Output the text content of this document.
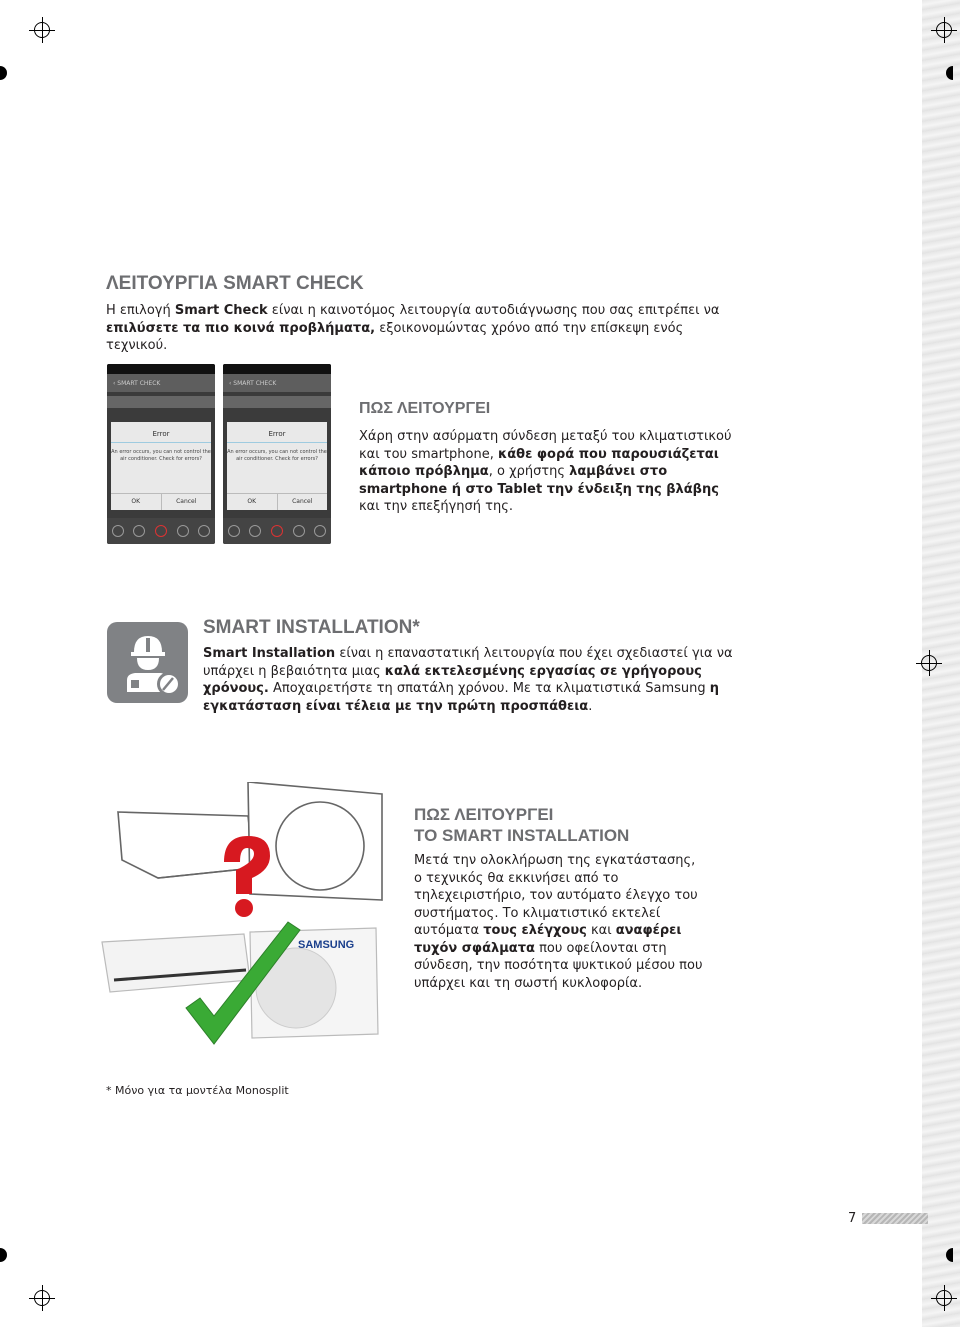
ΛΕΙΤΟΥΡΓΙΑ SMART CHECK

Η επιλογή Smart Check είναι η καινοτόμος λειτουργία αυτοδιάγνωσης που σας επιτρέπει να επιλύσετε τα πιο κοινά προβλήματα, εξοικονομώντας χρόνο από την επίσκεψη ενός τεχνικού.

‹ SMART CHECK
Error
An error occurs, you can not control the air conditioner. Check for errors?
OK	Cancel
‹ SMART CHECK
Error
An error occurs, you can not control the air conditioner. Check for errors?
OK	Cancel
ΠΩΣ ΛΕΙΤΟΥΡΓΕΙ

Χάρη στην ασύρματη σύνδεση μεταξύ του κλιματιστικού και του smartphone, κάθε φορά που παρουσιάζεται κάποιο πρόβλημα, ο χρήστης λαμβάνει στο smartphone ή στο Tablet την ένδειξη της βλάβης και την επεξήγησή της.

SMART INSTALLATION*

Smart Installation είναι η επαναστατική λειτουργία που έχει σχεδιαστεί για να υπάρχει η βεβαιότητα μιας καλά εκτελεσμένης εργασίας σε γρήγορους χρόνους. Αποχαιρετήστε τη σπατάλη χρόνου. Με τα κλιματιστικά Samsung η εγκατάσταση είναι τέλεια με την πρώτη προσπάθεια.

SAMSUNG
ΠΩΣ ΛΕΙΤΟΥΡΓΕΙ
ΤΟ SMART INSTALLATION

Μετά την ολοκλήρωση της εγκατάστασης, ο τεχνικός θα εκκινήσει από το τηλεχειριστήριο, τον αυτόματο έλεγχο του συστήματος. Το κλιματιστικό εκτελεί αυτόματα τους ελέγχους και αναφέρει τυχόν σφάλματα που οφείλονται στη σύνδεση, την ποσότητα ψυκτικού μέσου που υπάρχει και τη σωστή κυκλοφορία.

* Μόνο για τα μοντέλα Monosplit
7
